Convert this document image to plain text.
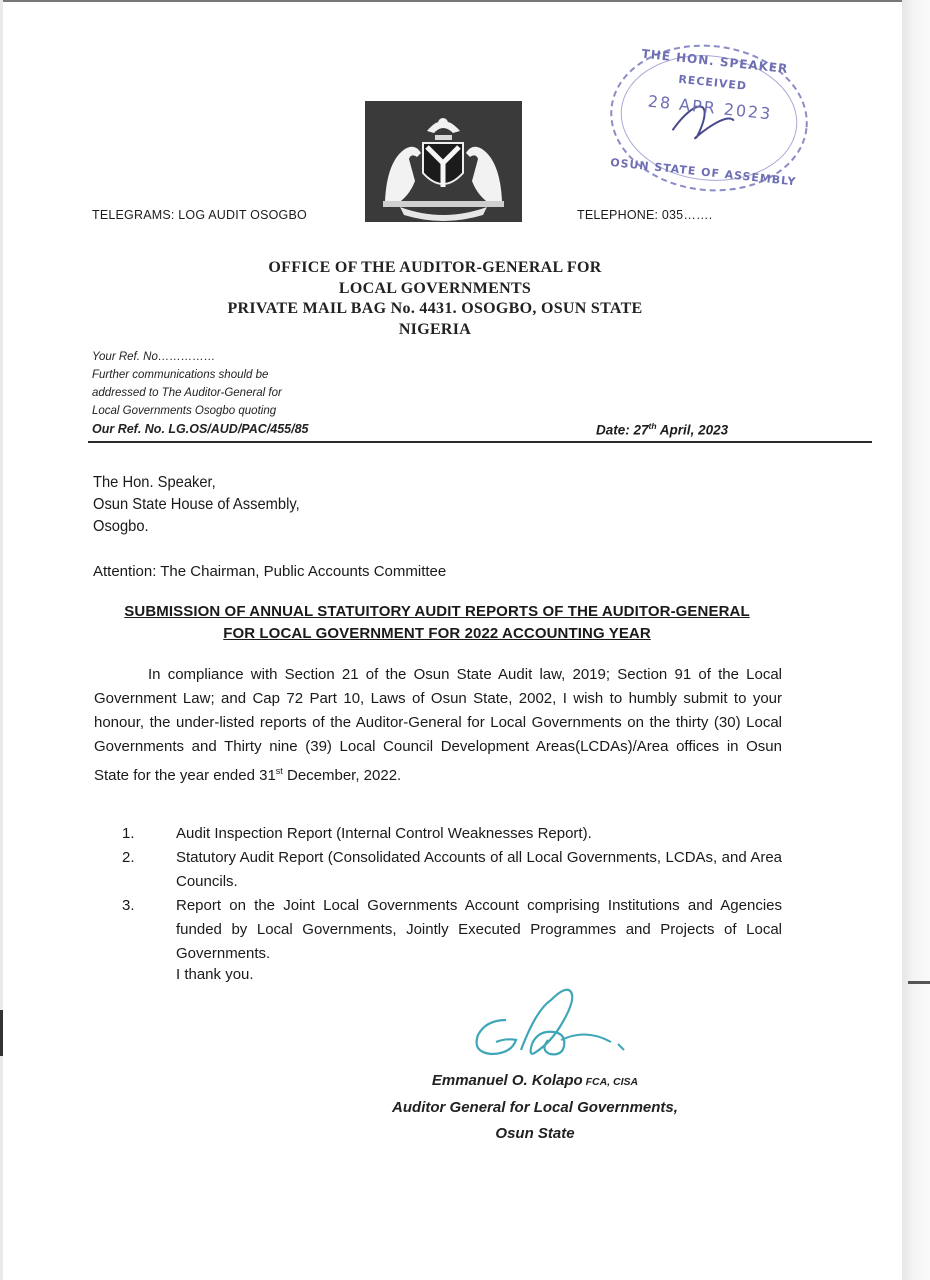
THE HON. SPEAKER
RECEIVED
28 APR 2023
OSUN STATE OF ASSEMBLY
TELEGRAMS: LOG AUDIT OSOGBO	TELEPHONE: 035…….
OFFICE OF THE AUDITOR-GENERAL FOR
LOCAL GOVERNMENTS
PRIVATE MAIL BAG No. 4431. OSOGBO, OSUN STATE
NIGERIA
Your Ref. No……………
Further communications should be
addressed to The Auditor-General for
Local Governments Osogbo quoting
Our Ref. No. LG.OS/AUD/PAC/455/85	Date: 27th April, 2023
The Hon. Speaker,
Osun State House of Assembly,
Osogbo.
Attention: The Chairman, Public Accounts Committee
SUBMISSION OF ANNUAL STATUITORY AUDIT REPORTS OF THE AUDITOR-GENERAL
FOR LOCAL GOVERNMENT FOR 2022 ACCOUNTING YEAR
In compliance with Section 21 of the Osun State Audit law, 2019; Section 91 of the Local Government Law; and Cap 72 Part 10, Laws of Osun State, 2002, I wish to humbly submit to your honour, the under-listed reports of the Auditor-General for Local Governments on the thirty (30) Local Governments and Thirty nine (39) Local Council Development Areas(LCDAs)/Area offices in Osun State for the year ended 31st December, 2022.
1.	Audit Inspection Report (Internal Control Weaknesses Report).
2.	Statutory Audit Report (Consolidated Accounts of all Local Governments, LCDAs, and Area Councils.
3.	Report on the Joint Local Governments Account comprising Institutions and Agencies funded by Local Governments, Jointly Executed Programmes and Projects of Local Governments.
I thank you.
Emmanuel O. Kolapo FCA, CISA
Auditor General for Local Governments,
Osun State
